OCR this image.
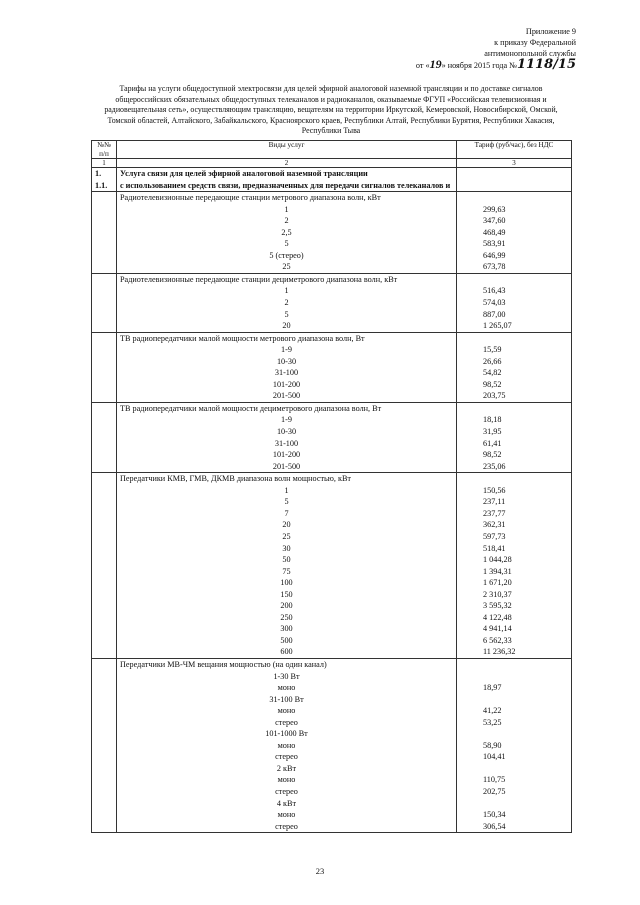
Приложение 9
к приказу Федеральной
антимонопольной службы
от «19» ноября 2015 года №1118/15
Тарифы на услуги общедоступной электросвязи для целей эфирной аналоговой наземной трансляции и по доставке сигналов общероссийских обязательных общедоступных телеканалов и радиоканалов, оказываемые ФГУП «Российская телевизионная и радиовещательная сеть», осуществляющим трансляцию, вещателям на территории Иркутской, Кемеровской, Новосибирской, Омской, Томской областей, Алтайского, Забайкальского, Красноярского краев, Республики Алтай, Республики Бурятия, Республики Хакасия, Республики Тыва
№№ п/п	Виды услуг	Тариф (руб/час), без НДС
1	2	3
1.	Услуга связи для целей эфирной аналоговой наземной трансляции	
1.1.	с использованием средств связи, предназначенных для передачи сигналов телеканалов и	
	Радиотелевизионные передающие станции метрового диапазона волн, кВт	
	1	299,63
	2	347,60
	2,5	468,49
	5	583,91
	5 (стерео)	646,99
	25	673,78
	Радиотелевизионные передающие станции дециметрового диапазона волн, кВт	
	1	516,43
	2	574,03
	5	887,00
	20	1 265,07
	ТВ радиопередатчики малой мощности метрового диапазона волн, Вт	
	1-9	15,59
	10-30	26,66
	31-100	54,82
	101-200	98,52
	201-500	203,75
	ТВ радиопередатчики малой мощности дециметрового диапазона волн, Вт	
	1-9	18,18
	10-30	31,95
	31-100	61,41
	101-200	98,52
	201-500	235,06
	Передатчики КМВ, ГМВ, ДКМВ диапазона волн мощностью, кВт	
	1	150,56
	5	237,11
	7	237,77
	20	362,31
	25	597,73
	30	518,41
	50	1 044,28
	75	1 394,31
	100	1 671,20
	150	2 310,37
	200	3 595,32
	250	4 122,48
	300	4 941,14
	500	6 562,33
	600	11 236,32
	Передатчики МВ-ЧМ вещания мощностью (на один канал)	
	1-30 Вт	
	моно	18,97
	31-100 Вт	
	моно	41,22
	стерео	53,25
	101-1000 Вт	
	моно	58,90
	стерео	104,41
	2 кВт	
	моно	110,75
	стерео	202,75
	4 кВт	
	моно	150,34
	стерео	306,54
23
